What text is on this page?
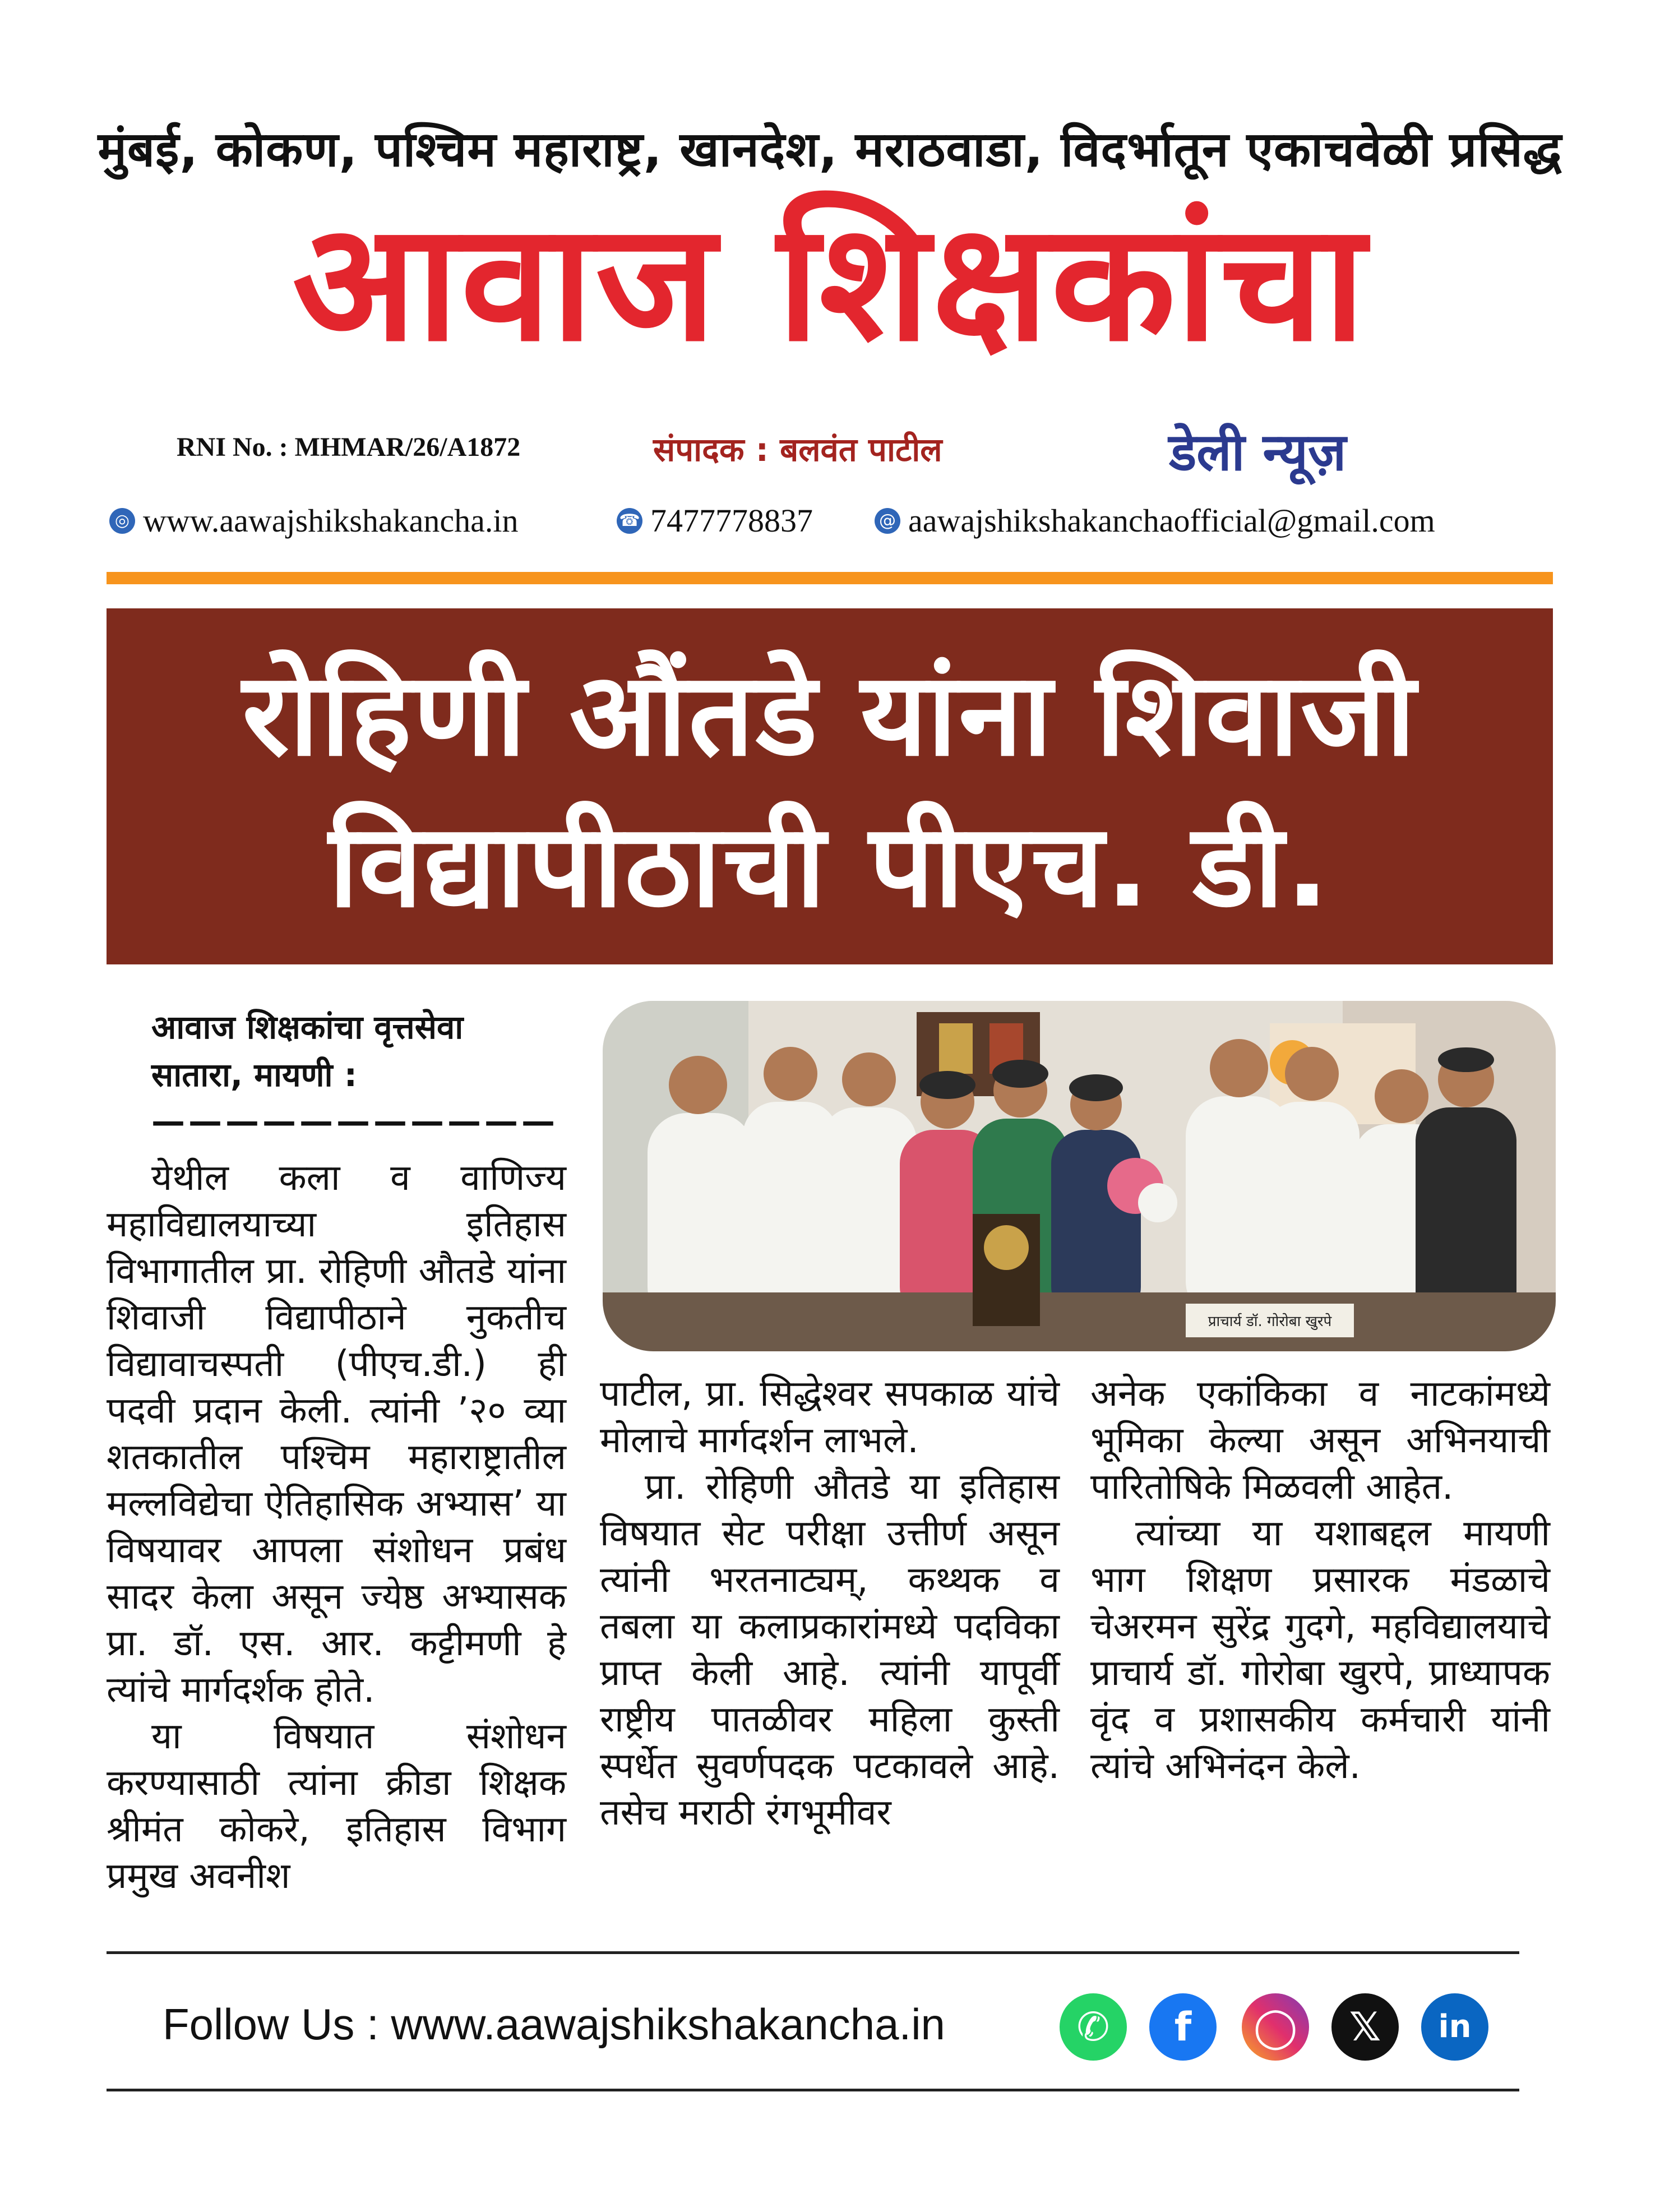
मुंबई, कोकण, पश्चिम महाराष्ट्र, खानदेश, मराठवाडा, विदर्भातून एकाचवेळी प्रसिद्ध
आवाज शिक्षकांचा
RNI No. : MHMAR/26/A1872	संपादक : बलवंत पाटील	डेली न्यूज़
◎ www.aawajshikshakancha.in	☎ 7477778837	@ aawajshikshakanchaofficial@gmail.com
रोहिणी औंतडे यांना शिवाजी
विद्यापीठाची पीएच. डी.
आवाज शिक्षकांचा वृत्तसेवा
सातारा, मायणी :
———————————

येथील कला व वाणिज्य महाविद्यालयाच्या इतिहास विभागातील प्रा. रोहिणी औतडे यांना शिवाजी विद्यापीठाने नुकतीच विद्यावाचस्पती (पीएच.डी.) ही पदवी प्रदान केली. त्यांनी ’२० व्या शतकातील पश्चिम महाराष्ट्रातील मल्लविद्येचा ऐतिहासिक अभ्यास’ या विषयावर आपला संशोधन प्रबंध सादर केला असून ज्येष्ठ अभ्यासक प्रा. डॉ. एस. आर. कट्टीमणी हे त्यांचे मार्गदर्शक होते.

या विषयात संशोधन करण्यासाठी त्यांना क्रीडा शिक्षक श्रीमंत कोकरे, इतिहास विभाग प्रमुख अवनीश

प्राचार्य डॉ. गोरोबा खुरपे

पाटील, प्रा. सिद्धेश्वर सपकाळ यांचे मोलाचे मार्गदर्शन लाभले.

प्रा. रोहिणी औतडे या इतिहास विषयात सेट परीक्षा उत्तीर्ण असून त्यांनी भरतनाट्यम्, कथ्थक व तबला या कलाप्रकारांमध्ये पदविका प्राप्त केली आहे. त्यांनी यापूर्वी राष्ट्रीय पातळीवर महिला कुस्ती स्पर्धेत सुवर्णपदक पटकावले आहे. तसेच मराठी रंगभूमीवर

अनेक एकांकिका व नाटकांमध्ये भूमिका केल्या असून अभिनयाची पारितोषिके मिळवली आहेत.

त्यांच्या या यशाबद्दल मायणी भाग शिक्षण प्रसारक मंडळाचे चेअरमन सुरेंद्र गुदगे, महविद्यालयाचे प्राचार्य डॉ. गोरोबा खुरपे, प्राध्यापक वृंद व प्रशासकीय कर्मचारी यांनी त्यांचे अभिनंदन केले.

Follow Us : www.aawajshikshakancha.in	✆	f	◯	𝕏	in
